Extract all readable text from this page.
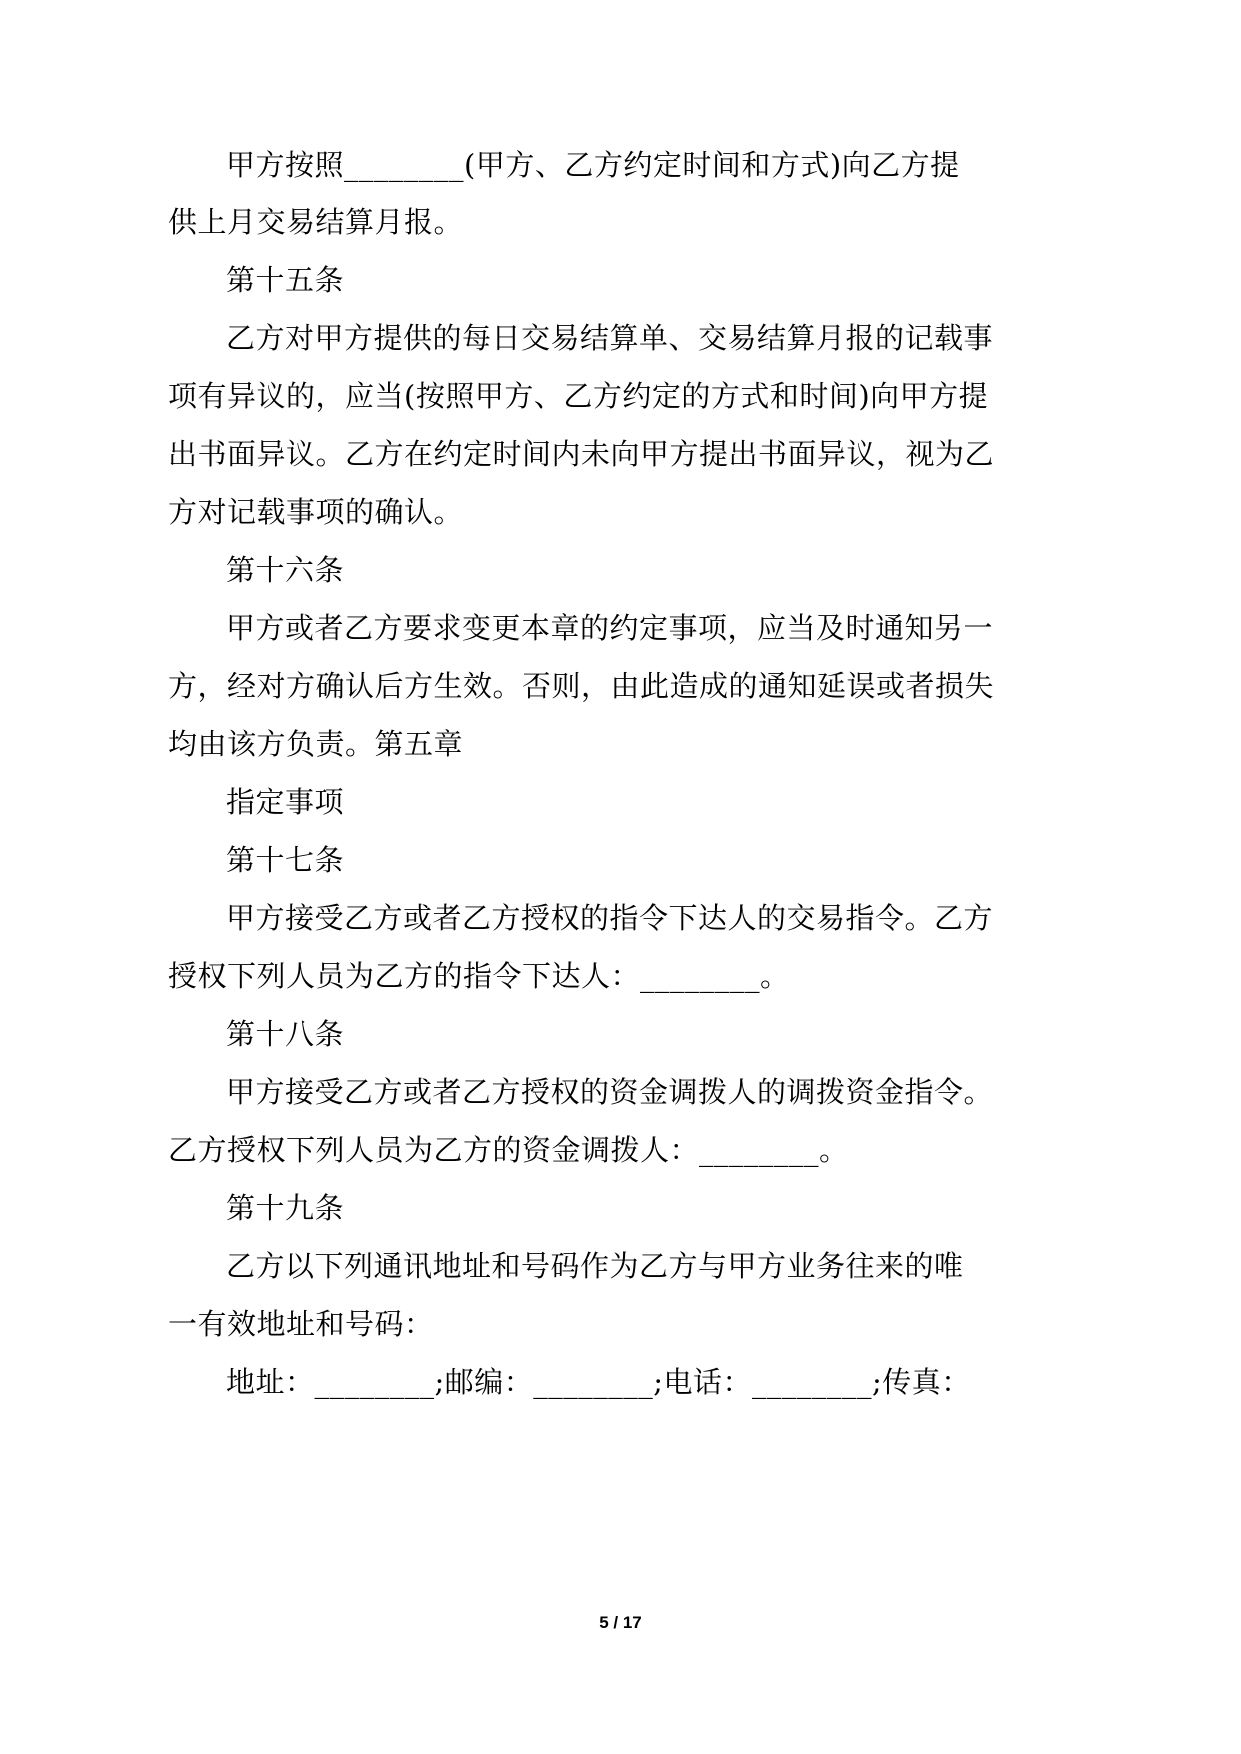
甲方按照________(甲方、乙方约定时间和方式)向乙方提
供上月交易结算月报。
第十五条
乙方对甲方提供的每日交易结算单、交易结算月报的记载事
项有异议的，应当(按照甲方、乙方约定的方式和时间)向甲方提
出书面异议。乙方在约定时间内未向甲方提出书面异议，视为乙
方对记载事项的确认。
第十六条
甲方或者乙方要求变更本章的约定事项，应当及时通知另一
方，经对方确认后方生效。否则，由此造成的通知延误或者损失
均由该方负责。第五章
指定事项
第十七条
甲方接受乙方或者乙方授权的指令下达人的交易指令。乙方
授权下列人员为乙方的指令下达人：________。
第十八条
甲方接受乙方或者乙方授权的资金调拨人的调拨资金指令。
乙方授权下列人员为乙方的资金调拨人：________。
第十九条
乙方以下列通讯地址和号码作为乙方与甲方业务往来的唯
一有效地址和号码：
地址：________;邮编：________;电话：________;传真：
5 / 17
